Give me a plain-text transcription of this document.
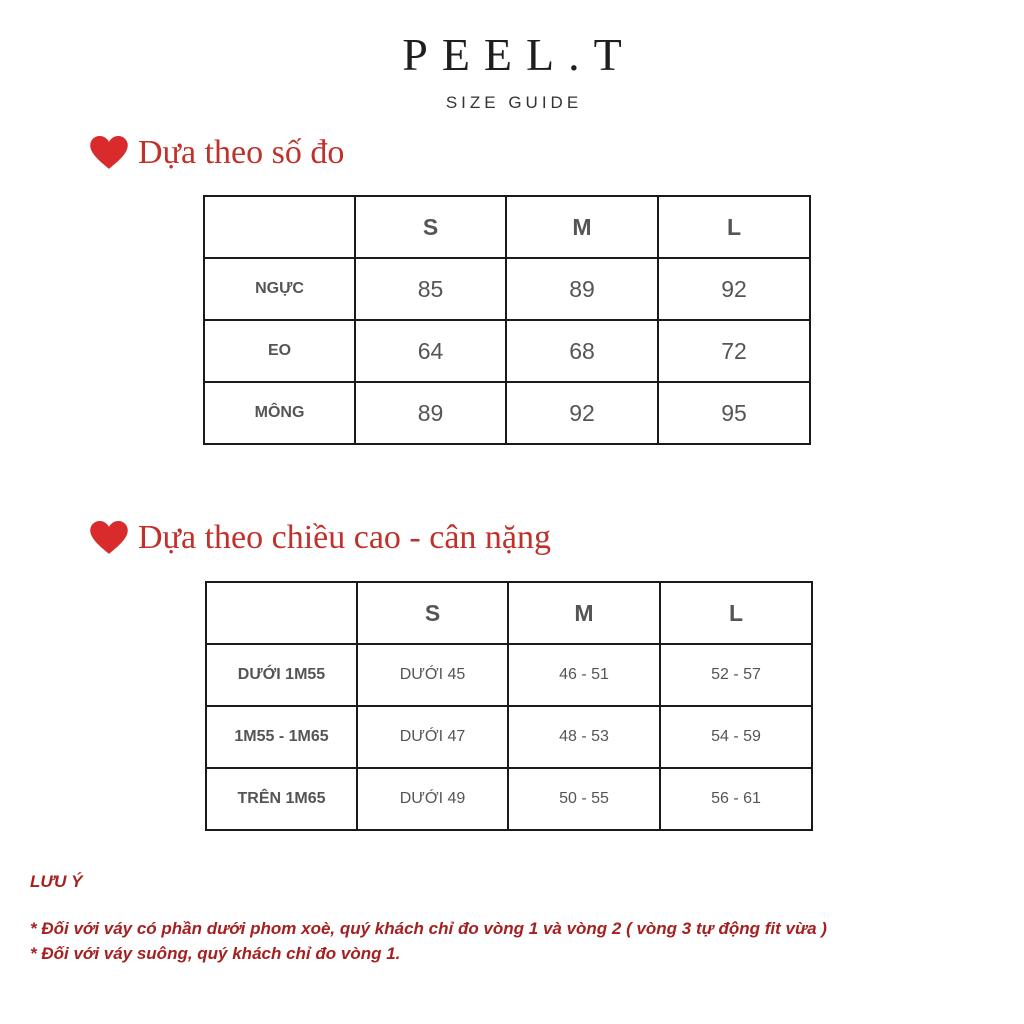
PEEL.T
SIZE GUIDE
Dựa theo số đo
	S	M	L
NGỰC	85	89	92
EO	64	68	72
MÔNG	89	92	95
Dựa theo chiều cao - cân nặng
	S	M	L
DƯỚI 1M55	DƯỚI 45	46 - 51	52 - 57
1M55 - 1M65	DƯỚI 47	48 - 53	54 - 59
TRÊN 1M65	DƯỚI 49	50 - 55	56 - 61
LƯU Ý
* Đối với váy có phần dưới phom xoè, quý khách chỉ đo vòng 1 và vòng 2 ( vòng 3 tự động fit vừa )
* Đối với váy suông, quý khách chỉ đo vòng 1.
